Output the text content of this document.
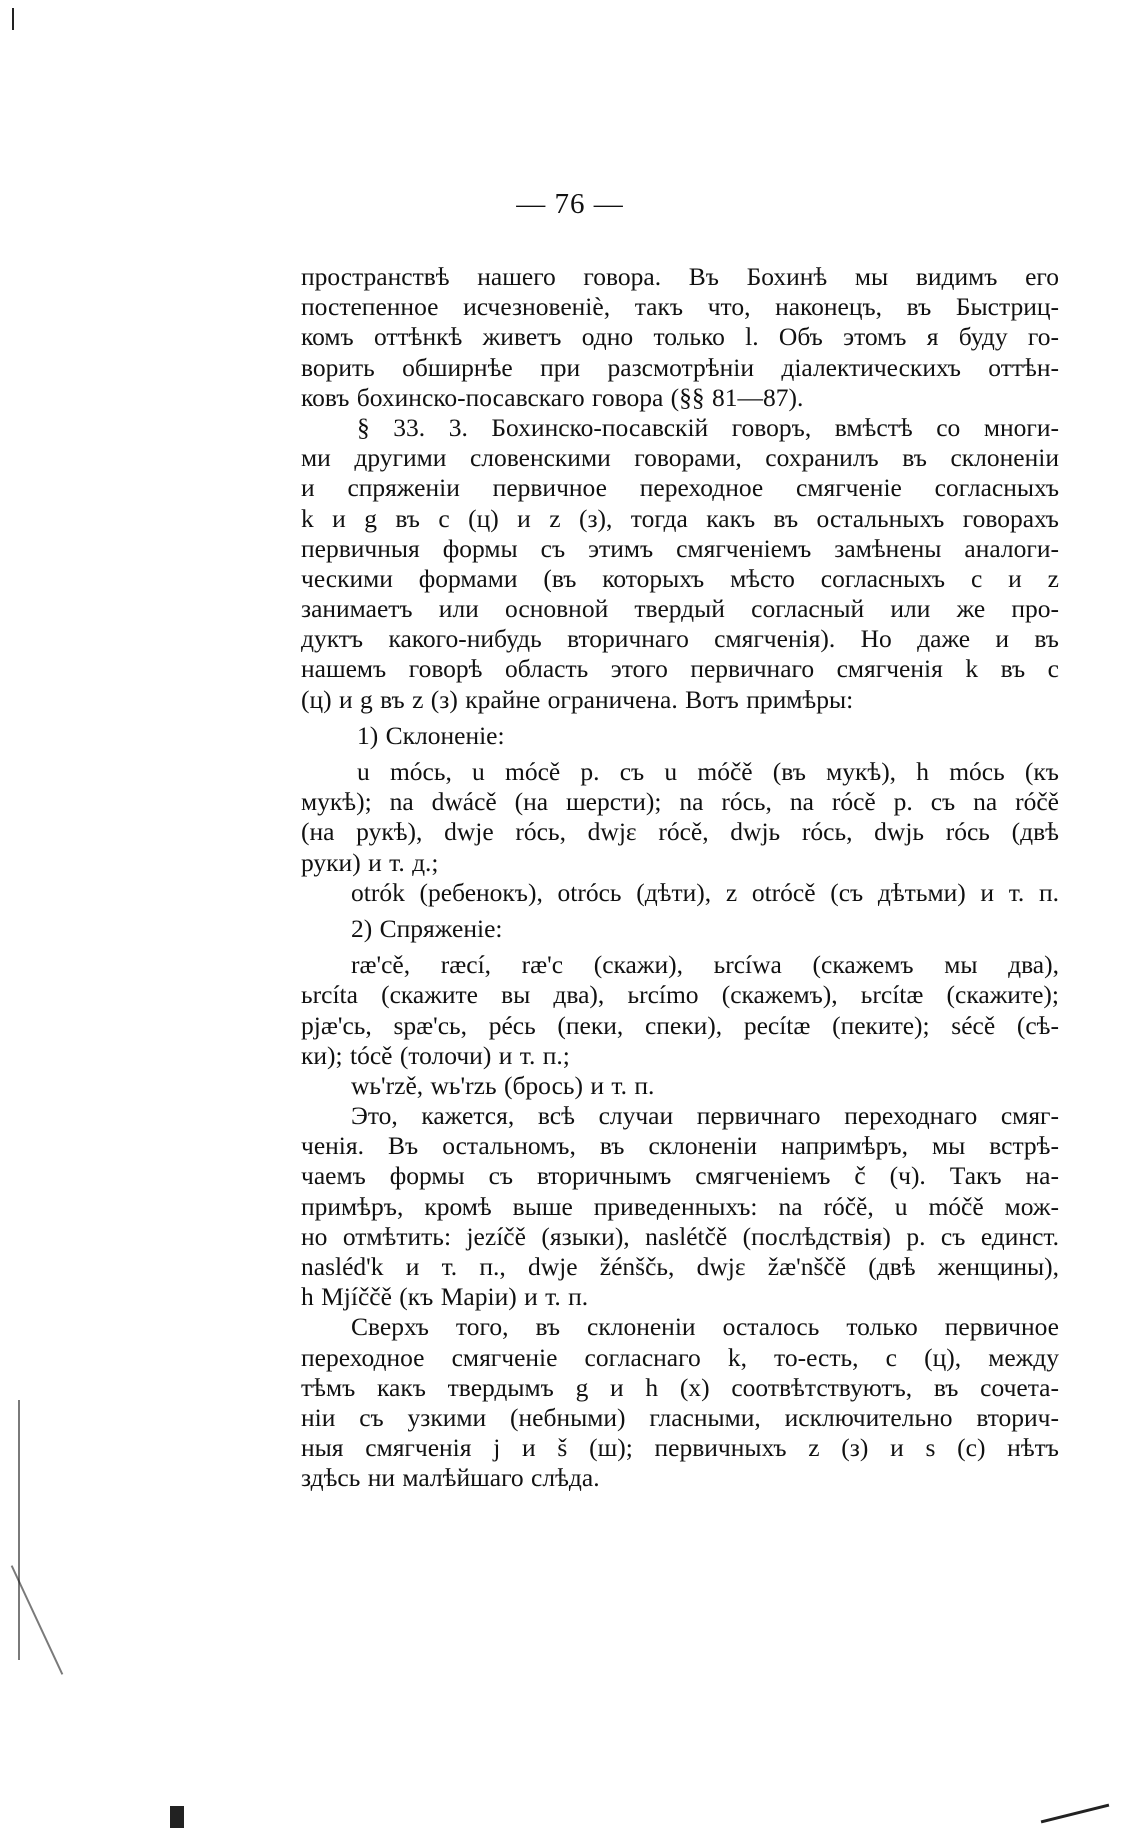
— 76 —
пространствѣ нашего говора. Въ Бохинѣ мы видимъ его
постепенное исчезновенiѐ, такъ что, наконецъ, въ Быстриц-
комъ оттѣнкѣ живетъ одно только l. Объ этомъ я буду го-
ворить обширнѣе при разсмотрѣнiи дiалектическихъ оттѣн-
ковъ бохинско-посавскаго говора (§§ 81—87).
§ 33. 3. Бохинско-посавскiй говоръ, вмѣстѣ со многи-
ми другими словенскими говорами, сохранилъ въ склоненiи
и спряженiи первичное переходное смягченiе согласныхъ
k и g въ c (ц) и z (з), тогда какъ въ остальныхъ говорахъ
первичныя формы съ этимъ смягченiемъ замѣнены аналоги-
ческими формами (въ которыхъ мѣсто согласныхъ c и z
занимаетъ или основной твердый согласный или же про-
дуктъ какого-нибудь вторичнаго смягченiя). Но даже и въ
нашемъ говорѣ область этого первичнаго смягченiя k въ c
(ц) и g въ z (з) крайне ограничена. Вотъ примѣры:
1) Склоненiе:
u móсь, u mócě p. съ u móčě (въ мукѣ), h móсь (къ
мукѣ); na dwácě (на шерсти); na róсь, na rócě p. съ na róčě
(на рукѣ), dwje róсь, dwjɛ rócě, dwjь róсь, dwjь róсь (двѣ
руки) и т. д.;
otrók (ребенокъ), otróсь (дѣти), z otrócě (съ дѣтьми) и т. п.
2) Спряженiе:
ræ'cě, ræcí, ræ'c (скажи), ьrcíwa (скажемъ мы два),
ьrcíta (скажите вы два), ьrcímo (скажемъ), ьrcítæ (скажите);
pjæ'сь, spæ'сь, péсь (пеки, спеки), pecítæ (пеките); sécě (сѣ-
ки); tócě (толочи) и т. п.;
wь'rzě, wь'rzь (брось) и т. п.
Это, кажется, всѣ случаи первичнаго переходнаго смяг-
ченiя. Въ остальномъ, въ склоненiи напримѣръ, мы встрѣ-
чаемъ формы съ вторичнымъ смягченiемъ č (ч). Такъ на-
примѣръ, кромѣ выше приведенныхъ: na róčě, u móčě мож-
но отмѣтить: jezíčě (языки), naslétčě (послѣдствiя) р. съ единст.
nasléd'k и т. п., dwje žénščь, dwjɛ žæ'nščě (двѣ женщины),
h Mjíččě (къ Марiи) и т. п.
Сверхъ того, въ склоненiи осталось только первичное
переходное смягченiе согласнаго k, то-есть, c (ц), между
тѣмъ какъ твердымъ g и h (x) соотвѣтствуютъ, въ сочета-
нiи съ узкими (небными) гласными, исключительно вторич-
ныя смягченiя j и š (ш); первичныхъ z (з) и s (c) нѣтъ
здѣсь ни малѣйшаго слѣда.
